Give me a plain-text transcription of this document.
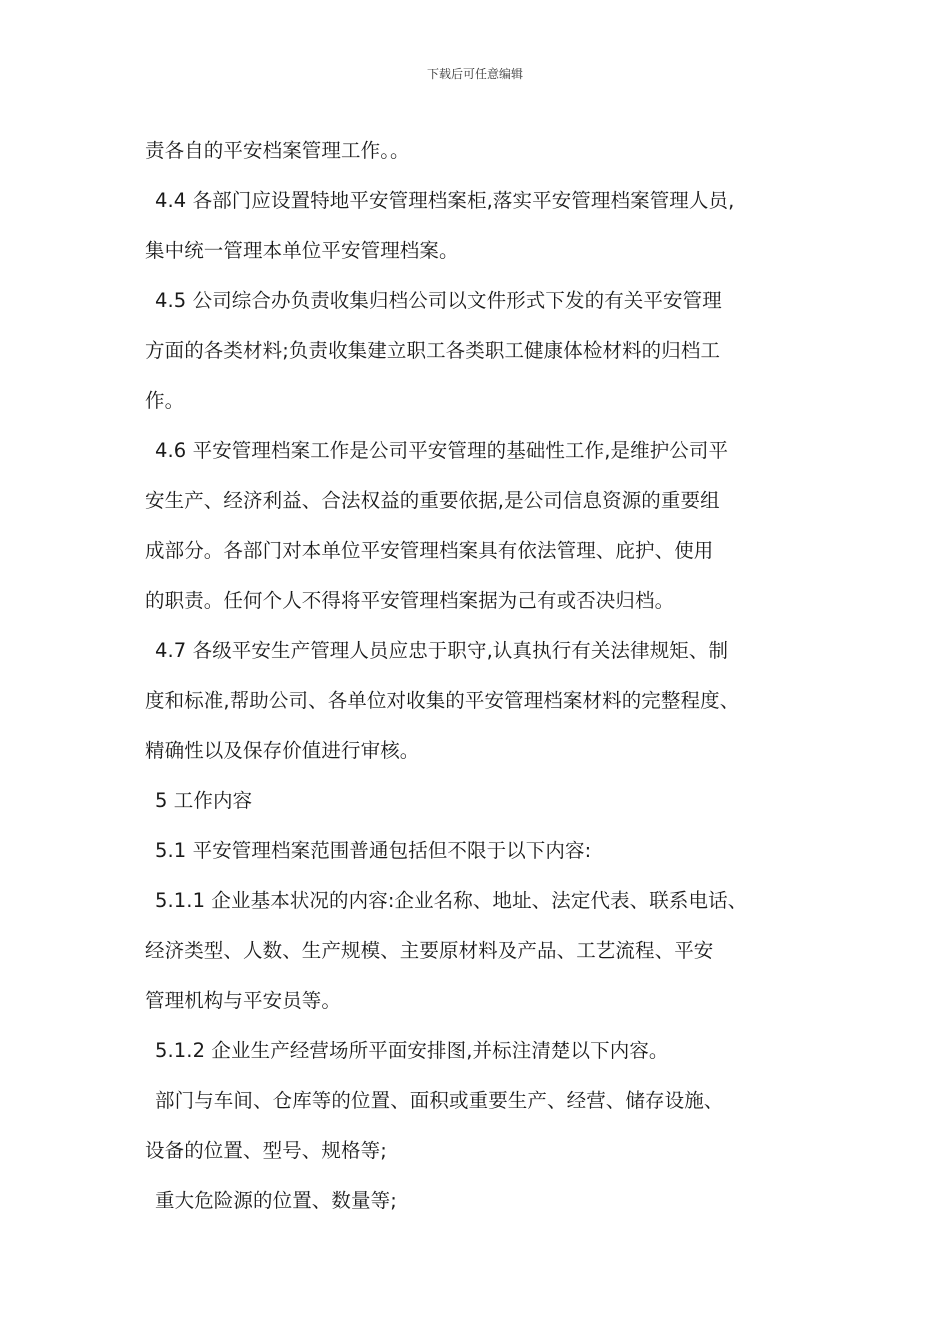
下载后可任意编辑
责各自的平安档案管理工作。。
4.4 各部门应设置特地平安管理档案柜,落实平安管理档案管理人员,
集中统一管理本单位平安管理档案。
4.5 公司综合办负责收集归档公司以文件形式下发的有关平安管理
方面的各类材料;负责收集建立职工各类职工健康体检材料的归档工
作。
4.6 平安管理档案工作是公司平安管理的基础性工作,是维护公司平
安生产、经济利益、合法权益的重要依据,是公司信息资源的重要组
成部分。各部门对本单位平安管理档案具有依法管理、庇护、使用
的职责。任何个人不得将平安管理档案据为己有或否决归档。
4.7 各级平安生产管理人员应忠于职守,认真执行有关法律规矩、制
度和标准,帮助公司、各单位对收集的平安管理档案材料的完整程度、
精确性以及保存价值进行审核。
5 工作内容
5.1 平安管理档案范围普通包括但不限于以下内容:
5.1.1 企业基本状况的内容:企业名称、地址、法定代表、联系电话、
经济类型、人数、生产规模、主要原材料及产品、工艺流程、平安
管理机构与平安员等。
5.1.2 企业生产经营场所平面安排图,并标注清楚以下内容。
部门与车间、仓库等的位置、面积或重要生产、经营、储存设施、
设备的位置、型号、规格等;
重大危险源的位置、数量等;
